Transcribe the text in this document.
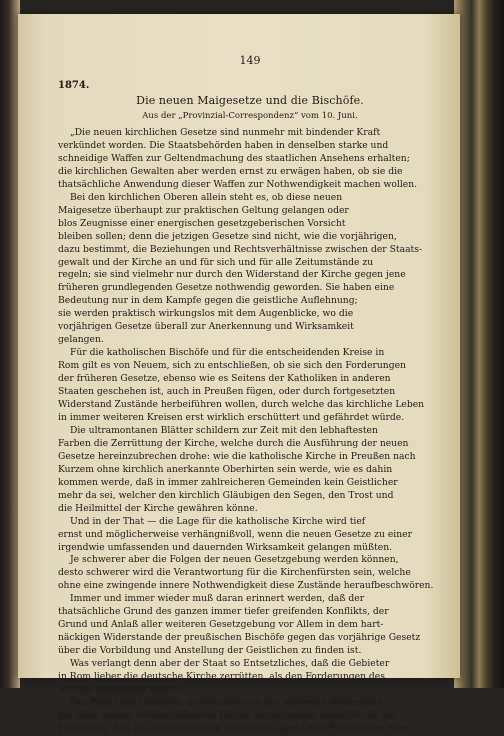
149
1874.
Die neuen Maigesetze und die Bischöfe.
Aus der „Provinzial-Correspondenz“ vom 10. Juni.
„Die neuen kirchlichen Gesetze sind nunmehr mit bindender Kraft
verkündet worden. Die Staatsbehörden haben in denselben starke und
schneidige Waffen zur Geltendmachung des staatlichen Ansehens erhalten;
die kirchlichen Gewalten aber werden ernst zu erwägen haben, ob sie die
thatsächliche Anwendung dieser Waffen zur Nothwendigkeit machen wollen.
Bei den kirchlichen Oberen allein steht es, ob diese neuen
Maigesetze überhaupt zur praktischen Geltung gelangen oder
blos Zeugnisse einer energischen gesetzgeberischen Vorsicht
bleiben sollen; denn die jetzigen Gesetze sind nicht, wie die vorjährigen,
dazu bestimmt, die Beziehungen und Rechtsverhältnisse zwischen der Staats-
gewalt und der Kirche an und für sich und für alle Zeitumstände zu
regeln; sie sind vielmehr nur durch den Widerstand der Kirche gegen jene
früheren grundlegenden Gesetze nothwendig geworden. Sie haben eine
Bedeutung nur in dem Kampfe gegen die geistliche Auflehnung;
sie werden praktisch wirkungslos mit dem Augenblicke, wo die
vorjährigen Gesetze überall zur Anerkennung und Wirksamkeit
gelangen.
Für die katholischen Bischöfe und für die entscheidenden Kreise in
Rom gilt es von Neuem, sich zu entschließen, ob sie sich den Forderungen
der früheren Gesetze, ebenso wie es Seitens der Katholiken in anderen
Staaten geschehen ist, auch in Preußen fügen, oder durch fortgesetzten
Widerstand Zustände herbeiführen wollen, durch welche das kirchliche Leben
in immer weiteren Kreisen erst wirklich erschüttert und gefährdet würde.
Die ultramontanen Blätter schildern zur Zeit mit den lebhaftesten
Farben die Zerrüttung der Kirche, welche durch die Ausführung der neuen
Gesetze hereinzubrechen drohe: wie die katholische Kirche in Preußen nach
Kurzem ohne kirchlich anerkannte Oberhirten sein werde, wie es dahin
kommen werde, daß in immer zahlreicheren Gemeinden kein Geistlicher
mehr da sei, welcher den kirchlich Gläubigen den Segen, den Trost und
die Heilmittel der Kirche gewähren könne.
Und in der That — die Lage für die katholische Kirche wird tief
ernst und möglicherweise verhängnißvoll, wenn die neuen Gesetze zu einer
irgendwie umfassenden und dauernden Wirksamkeit gelangen müßten.
Je schwerer aber die Folgen der neuen Gesetzgebung werden können,
desto schwerer wird die Verantwortung für die Kirchenfürsten sein, welche
ohne eine zwingende innere Nothwendigkeit diese Zustände heraufbeschwören.
Immer und immer wieder muß daran erinnert werden, daß der
thatsächliche Grund des ganzen immer tiefer greifenden Konflikts, der
Grund und Anlaß aller weiteren Gesetzgebung vor Allem in dem hart-
näckigen Widerstande der preußischen Bischöfe gegen das vorjährige Gesetz
über die Vorbildung und Anstellung der Geistlichen zu finden ist.
Was verlangt denn aber der Staat so Entsetzliches, daß die Gebieter
in Rom lieber die deutsche Kirche zerrütten, als den Forderungen des
Staates nachgeben wollen?
Der Punkt des Gesetzes, an welchen sich der bisherige Widerstand
mit allen seinen verhängnißvollen Folgen vorzugsweise anknüpft, ist die
Forderung, daß die anzustellenden Geistlichen dem Ober-Präsidenten nam-
